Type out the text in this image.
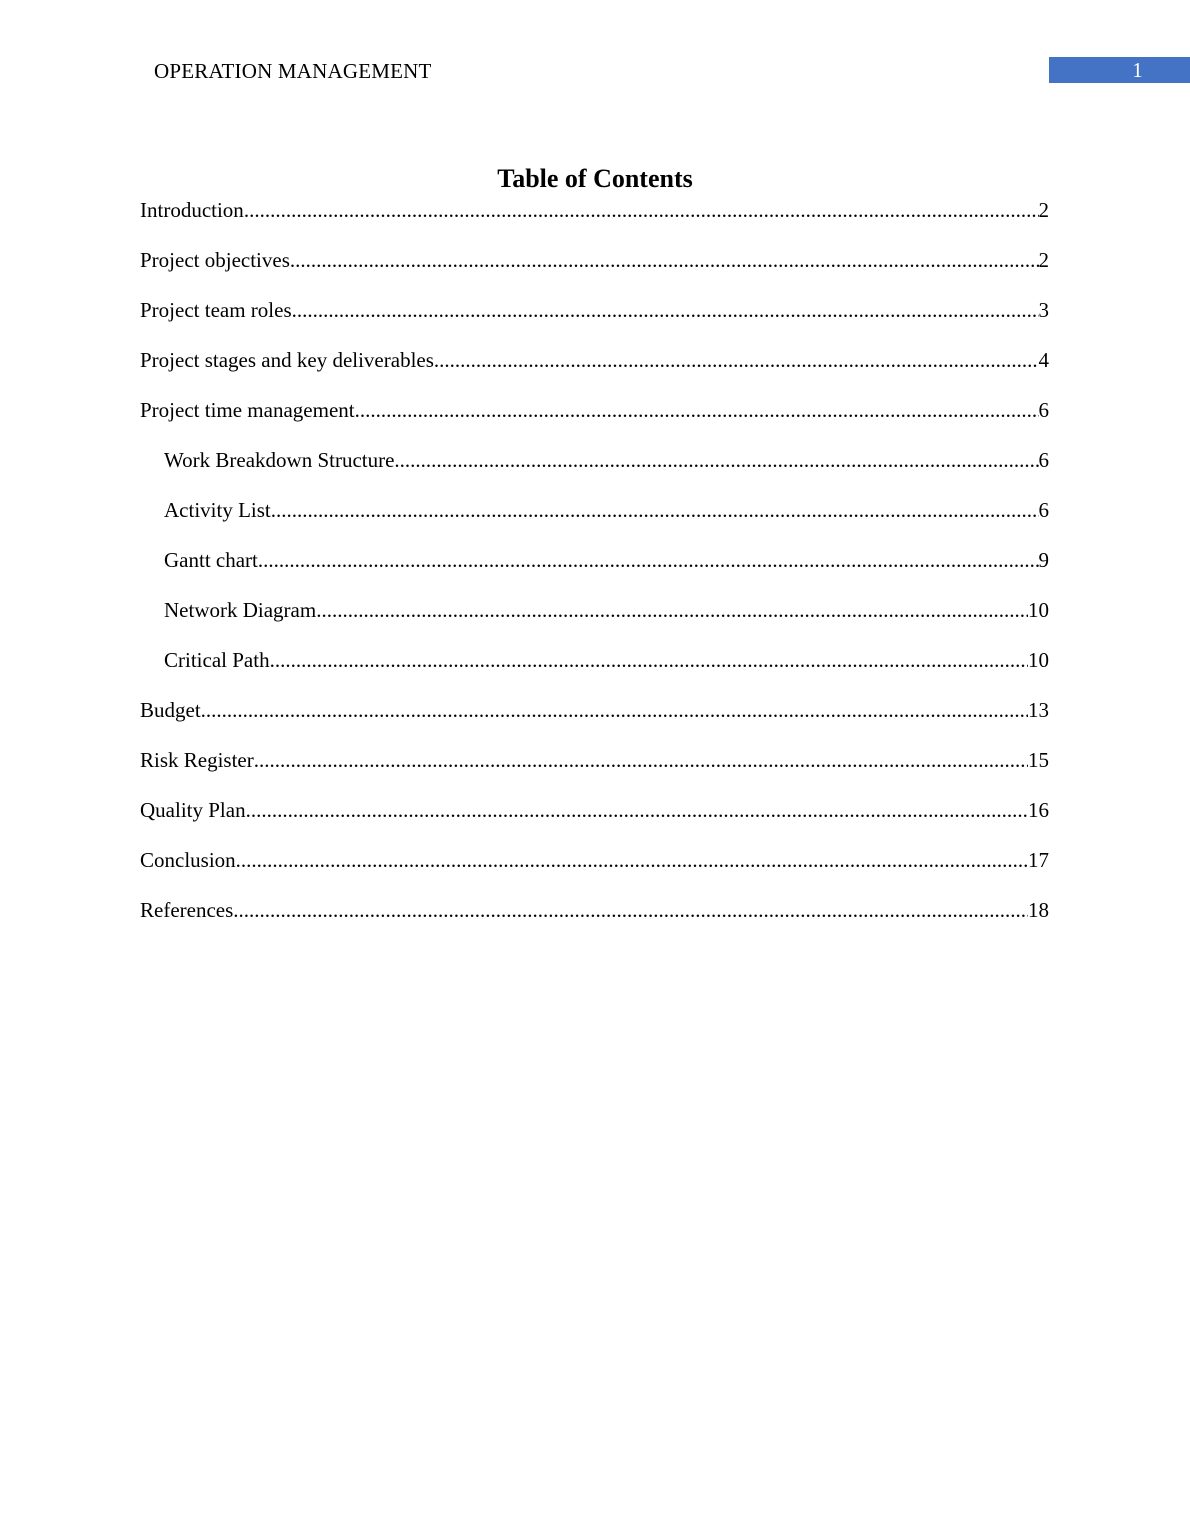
OPERATION MANAGEMENT	1
Table of Contents
Introduction .....	2
Project objectives .....	2
Project team roles .....	3
Project stages and key deliverables .....	4
Project time management .....	6
Work Breakdown Structure .....	6
Activity List .....	6
Gantt chart .....	9
Network Diagram .....	10
Critical Path .....	10
Budget .....	13
Risk Register .....	15
Quality Plan .....	16
Conclusion .....	17
References .....	18
